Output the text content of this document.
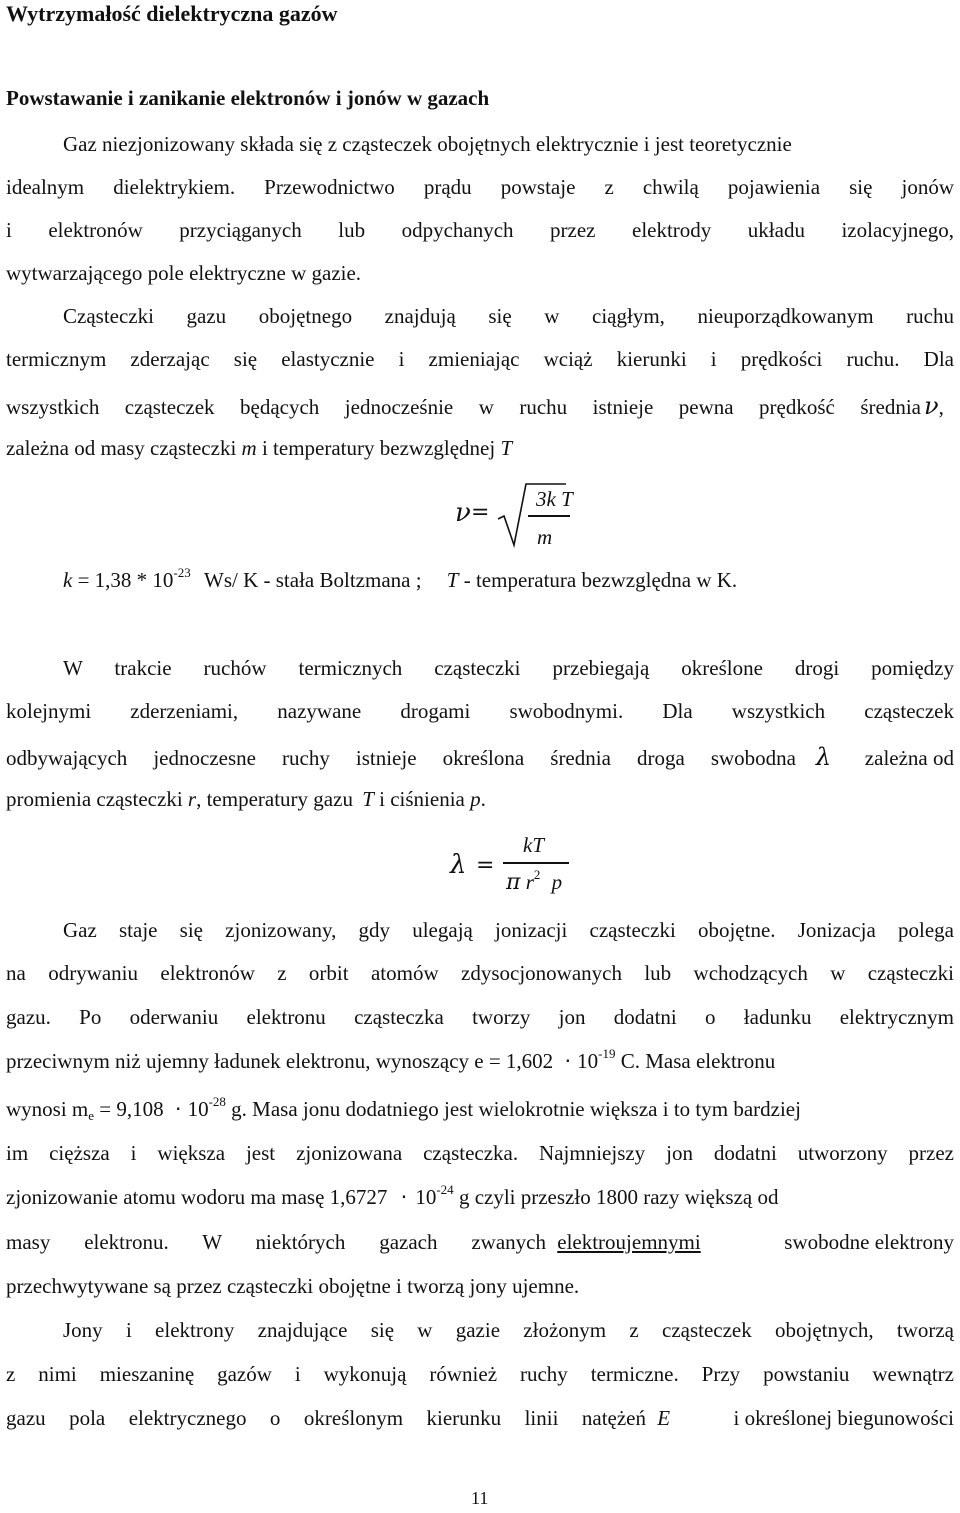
Wytrzymałość dielektryczna gazów
Powstawanie i zanikanie elektronów i jonów w gazach
Gaz niezjonizowany składa się z cząsteczek obojętnych elektrycznie i jest teoretycznie
idealnym dielektrykiem. Przewodnictwo prądu powstaje z chwilą pojawienia się jonów
i elektronów przyciąganych lub odpychanych przez elektrody układu izolacyjnego,
wytwarzającego pole elektryczne w gazie.
Cząsteczki gazu obojętnego znajdują się w ciągłym, nieuporządkowanym ruchu
termicznym zderzając się elastycznie i zmieniając wciąż kierunki i prędkości ruchu. Dla
wszystkich cząsteczek będących jednocześnie w ruchu istnieje pewna prędkość średnia ν,
zależna od masy cząsteczki m i temperatury bezwzględnej T
ν =
3k T
m
$k = 1,38 * 10^{-23}$ Ws/ K - stała Boltzmana ; T - temperatura bezwzględna w K.
W trakcie ruchów termicznych cząsteczki przebiegają określone drogi pomiędzy
kolejnymi zderzeniami, nazywane drogami swobodnymi. Dla wszystkich cząsteczek
odbywających jednoczesne ruchy istnieje określona średnia droga swobodna λ zależna od
promienia cząsteczki r, temperatury gazu T i ciśnienia p.
λ =
kT
π $r^2$ p
Gaz staje się zjonizowany, gdy ulegają jonizacji cząsteczki obojętne. Jonizacja polega
na odrywaniu elektronów z orbit atomów zdysocjonowanych lub wchodzących w cząsteczki
gazu. Po oderwaniu elektronu cząsteczka tworzy jon dodatni o ładunku elektrycznym
przeciwnym niż ujemny ładunek elektronu, wynoszący $e = 1,602 \cdot 10^{-19}$ C. Masa elektronu
wynosi $m_e = 9,108 \cdot 10^{-28}$ g. Masa jonu dodatniego jest wielokrotnie większa i to tym bardziej
im cięższa i większa jest zjonizowana cząsteczka. Najmniejszy jon dodatni utworzony przez
zjonizowanie atomu wodoru ma masę $1,6727 \cdot 10^{-24}$ g czyli przeszło 1800 razy większą od
masy elektronu. W niektórych gazach zwanych elektroujemnymi	swobodne elektrony
przechwytywane są przez cząsteczki obojętne i tworzą jony ujemne.
Jony i elektrony znajdujące się w gazie złożonym z cząsteczek obojętnych, tworzą
z nimi mieszaninę gazów i wykonują również ruchy termiczne. Przy powstaniu wewnątrz
gazu pola elektrycznego o określonym kierunku linii natężeń E	i określonej biegunowości
11
